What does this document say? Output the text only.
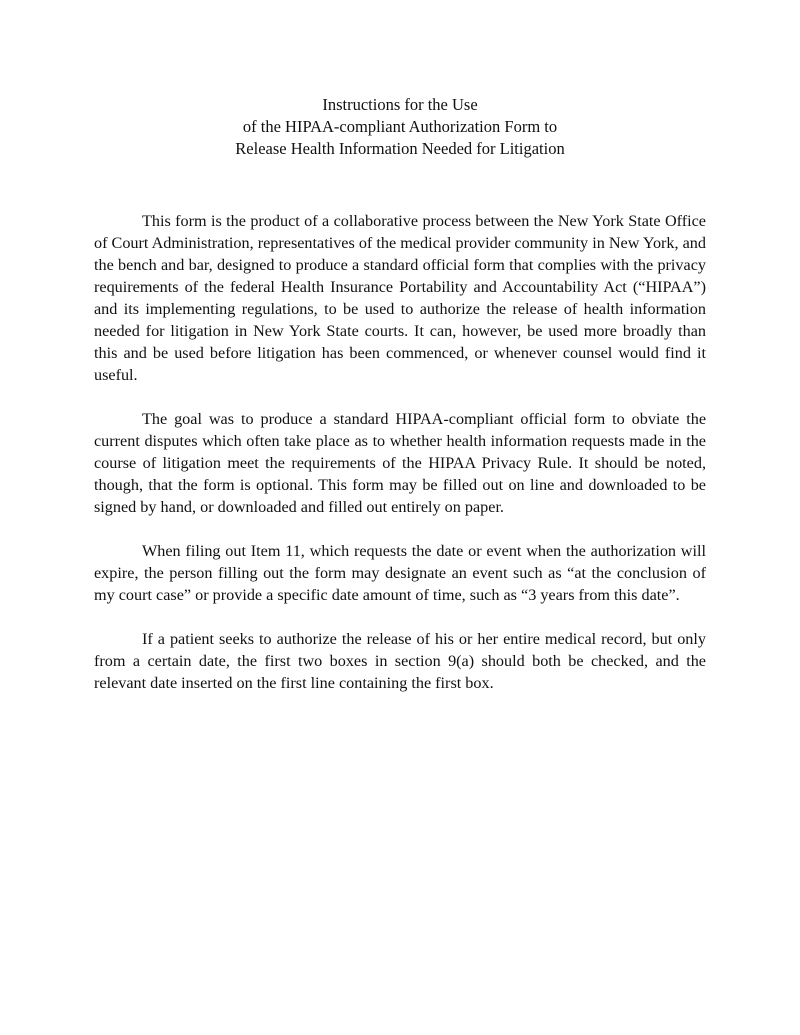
Instructions for the Use
of the HIPAA-compliant Authorization Form to
Release Health Information Needed for Litigation

This form is the product of a collaborative process between the New York State Office of Court Administration, representatives of the medical provider community in New York, and the bench and bar, designed to produce a standard official form that complies with the privacy requirements of the federal Health Insurance Portability and Accountability Act (“HIPAA”) and its implementing regulations, to be used to authorize the release of health information needed for litigation in New York State courts. It can, however, be used more broadly than this and be used before litigation has been commenced, or whenever counsel would find it useful.

The goal was to produce a standard HIPAA-compliant official form to obviate the current disputes which often take place as to whether health information requests made in the course of litigation meet the requirements of the HIPAA Privacy Rule. It should be noted, though, that the form is optional. This form may be filled out on line and downloaded to be signed by hand, or downloaded and filled out entirely on paper.

When filing out Item 11, which requests the date or event when the authorization will expire, the person filling out the form may designate an event such as “at the conclusion of my court case” or provide a specific date amount of time, such as “3 years from this date”.

If a patient seeks to authorize the release of his or her entire medical record, but only from a certain date, the first two boxes in section 9(a) should both be checked, and the relevant date inserted on the first line containing the first box.
